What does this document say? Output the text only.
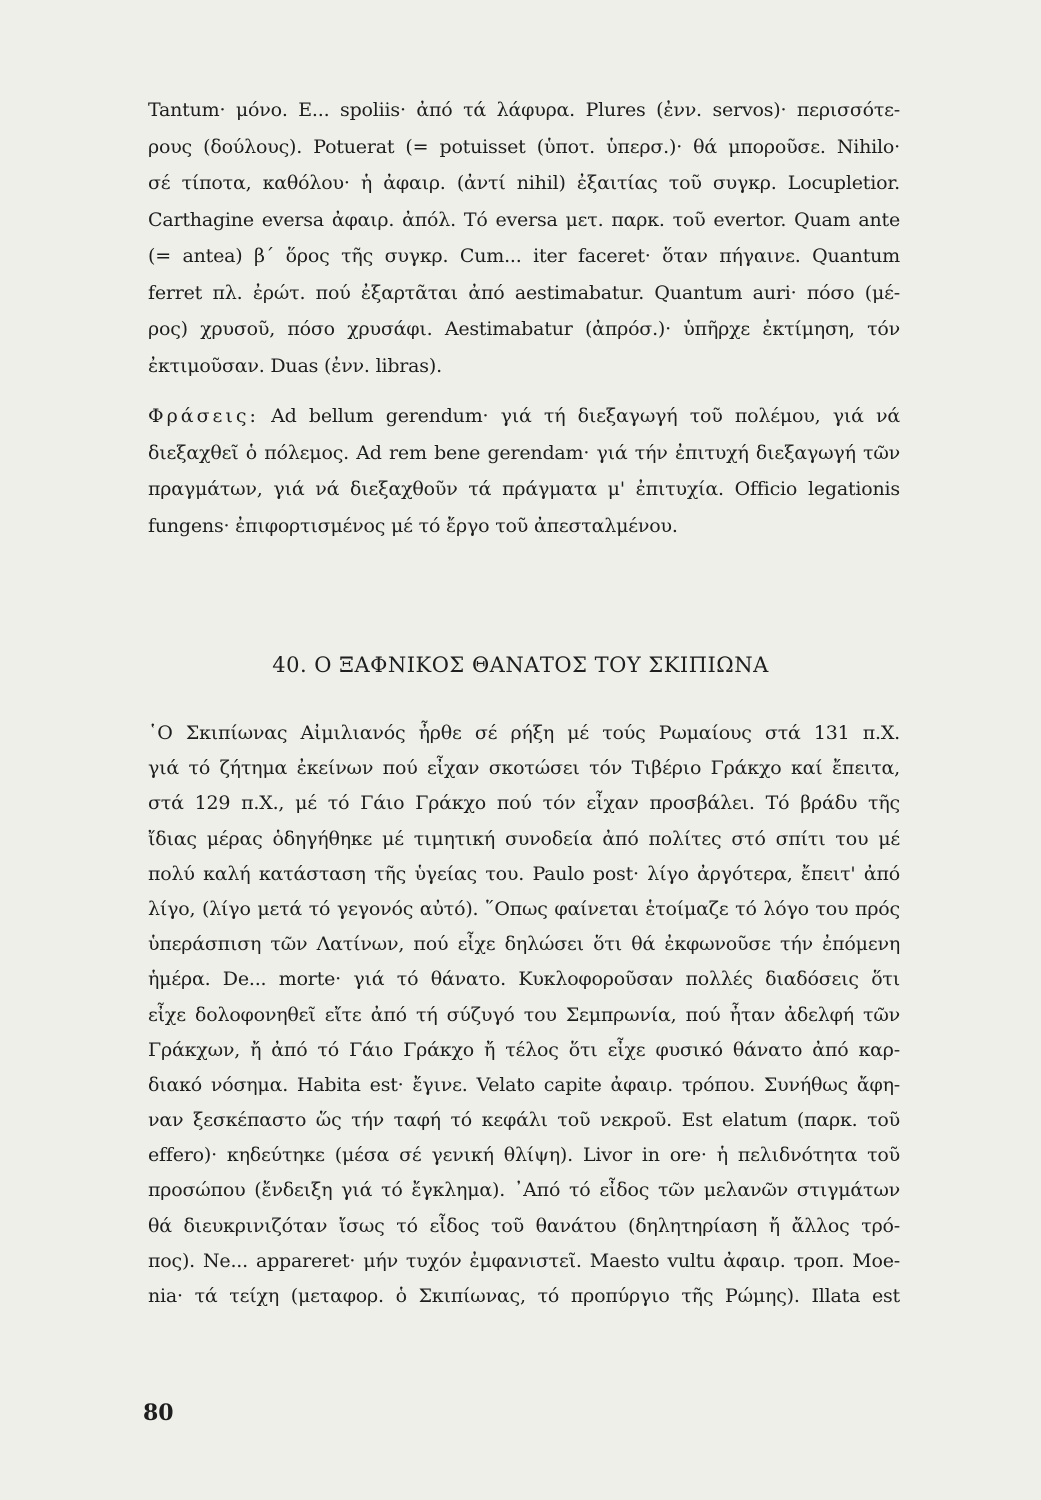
Tantum· μόνο. E... spoliis· ἀπό τά λάφυρα. Plures (ἐνν. servos)· περισσότε-
ρους (δούλους). Potuerat (= potuisset (ὑποτ. ὑπερσ.)· θά μποροῦσε. Nihilo·
σέ τίποτα, καθόλου· ἡ ἀφαιρ. (ἀντί nihil) ἐξαιτίας τοῦ συγκρ. Locupletior.
Carthagine eversa ἀφαιρ. ἀπόλ. Τό eversa μετ. παρκ. τοῦ evertor. Quam ante
(= antea) β΄ ὅρος τῆς συγκρ. Cum... iter faceret· ὅταν πήγαινε. Quantum
ferret πλ. ἐρώτ. πού ἐξαρτᾶται ἀπό aestimabatur. Quantum auri· πόσο (μέ-
ρος) χρυσοῦ, πόσο χρυσάφι. Aestimabatur (ἀπρόσ.)· ὑπῆρχε ἐκτίμηση, τόν
ἐκτιμοῦσαν. Duas (ἐνν. libras).
Φράσεις: Ad bellum gerendum· γιά τή διεξαγωγή τοῦ πολέμου, γιά νά
διεξαχθεῖ ὁ πόλεμος. Ad rem bene gerendam· γιά τήν ἐπιτυχή διεξαγωγή τῶν
πραγμάτων, γιά νά διεξαχθοῦν τά πράγματα μ' ἐπιτυχία. Officio legationis
fungens· ἐπιφορτισμένος μέ τό ἔργο τοῦ ἀπεσταλμένου.
40. Ο ΞΑΦΝΙΚΟΣ ΘΑΝΑΤΟΣ ΤΟΥ ΣΚΙΠΙΩΝΑ
῾Ο Σκιπίωνας Αἰμιλιανός ἦρθε σέ ρήξη μέ τούς Ρωμαίους στά 131 π.Χ.
γιά τό ζήτημα ἐκείνων πού εἶχαν σκοτώσει τόν Τιβέριο Γράκχο καί ἔπειτα,
στά 129 π.Χ., μέ τό Γάιο Γράκχο πού τόν εἶχαν προσβάλει. Τό βράδυ τῆς
ἴδιας μέρας ὁδηγήθηκε μέ τιμητική συνοδεία ἀπό πολίτες στό σπίτι του μέ
πολύ καλή κατάσταση τῆς ὑγείας του. Paulo post· λίγο ἀργότερα, ἔπειτ' ἀπό
λίγο, (λίγο μετά τό γεγονός αὐτό). ῞Οπως φαίνεται ἑτοίμαζε τό λόγο του πρός
ὑπεράσπιση τῶν Λατίνων, πού εἶχε δηλώσει ὅτι θά ἐκφωνοῦσε τήν ἐπόμενη
ἡμέρα. De... morte· γιά τό θάνατο. Κυκλοφοροῦσαν πολλές διαδόσεις ὅτι
εἶχε δολοφονηθεῖ εἴτε ἀπό τή σύζυγό του Σεμπρωνία, πού ἦταν ἀδελφή τῶν
Γράκχων, ἤ ἀπό τό Γάιο Γράκχο ἤ τέλος ὅτι εἶχε φυσικό θάνατο ἀπό καρ-
διακό νόσημα. Habita est· ἔγινε. Velato capite ἀφαιρ. τρόπου. Συνήθως ἄφη-
ναν ξεσκέπαστο ὥς τήν ταφή τό κεφάλι τοῦ νεκροῦ. Est elatum (παρκ. τοῦ
effero)· κηδεύτηκε (μέσα σέ γενική θλίψη). Livor in ore· ἡ πελιδνότητα τοῦ
προσώπου (ἔνδειξη γιά τό ἔγκλημα). ᾽Από τό εἶδος τῶν μελανῶν στιγμάτων
θά διευκρινιζόταν ἴσως τό εἶδος τοῦ θανάτου (δηλητηρίαση ἤ ἄλλος τρό-
πος). Ne... appareret· μήν τυχόν ἐμφανιστεῖ. Maesto vultu ἀφαιρ. τροπ. Moe-
nia· τά τείχη (μεταφορ. ὁ Σκιπίωνας, τό προπύργιο τῆς Ρώμης). Illata est
80
